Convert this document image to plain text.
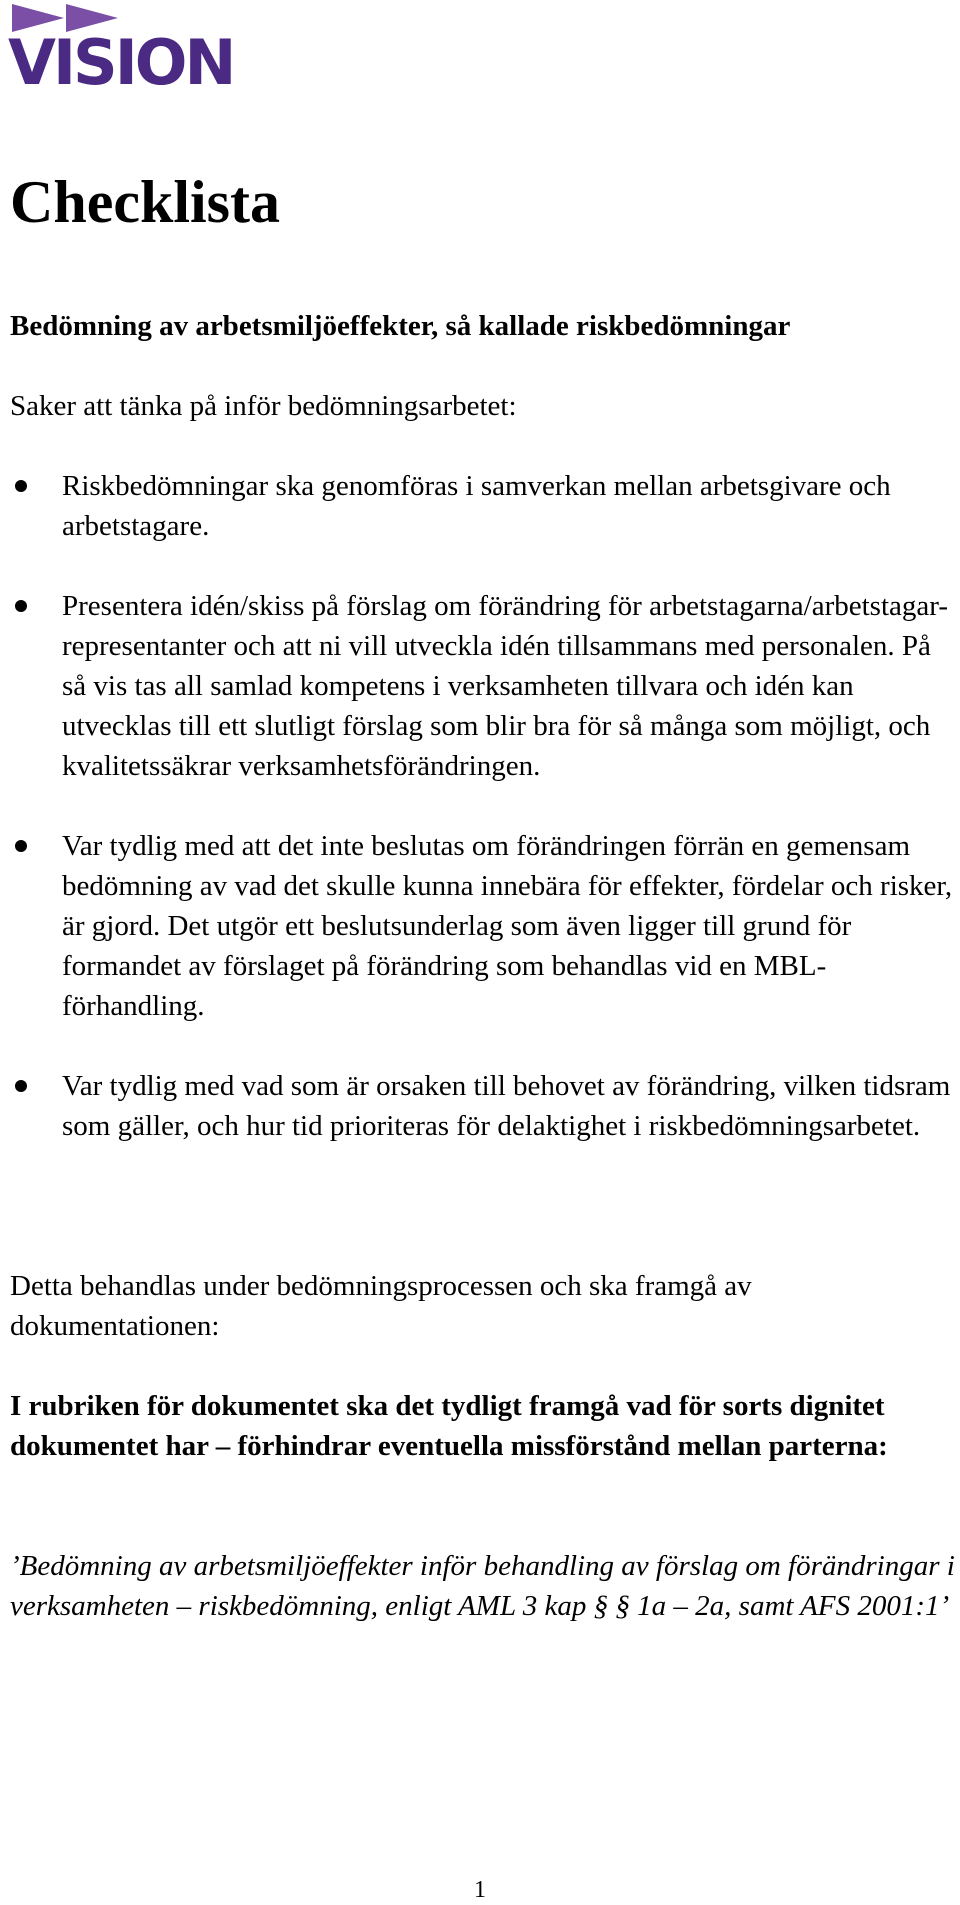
VISION
Checklista

Bedömning av arbetsmiljöeffekter, så kallade riskbedömningar

Saker att tänka på inför bedömningsarbetet:

Riskbedömningar ska genomföras i samverkan mellan arbetsgivare och arbetstagare.
Presentera idén/skiss på förslag om förändring för arbetstagarna/arbetstagar-representanter och att ni vill utveckla idén tillsammans med personalen. På så vis tas all samlad kompetens i verksamheten tillvara och idén kan utvecklas till ett slutligt förslag som blir bra för så många som möjligt, och kvalitetssäkrar verksamhetsförändringen.
Var tydlig med att det inte beslutas om förändringen förrän en gemensam bedömning av vad det skulle kunna innebära för effekter, fördelar och risker, är gjord. Det utgör ett beslutsunderlag som även ligger till grund för formandet av förslaget på förändring som behandlas vid en MBL-förhandling.
Var tydlig med vad som är orsaken till behovet av förändring, vilken tidsram som gäller, och hur tid prioriteras för delaktighet i riskbedömningsarbetet.

Detta behandlas under bedömningsprocessen och ska framgå av dokumentationen:

I rubriken för dokumentet ska det tydligt framgå vad för sorts dignitet dokumentet har – förhindrar eventuella missförstånd mellan parterna:

’Bedömning av arbetsmiljöeffekter inför behandling av förslag om förändringar i verksamheten – riskbedömning, enligt AML 3 kap § § 1a – 2a, samt AFS 2001:1’

1
